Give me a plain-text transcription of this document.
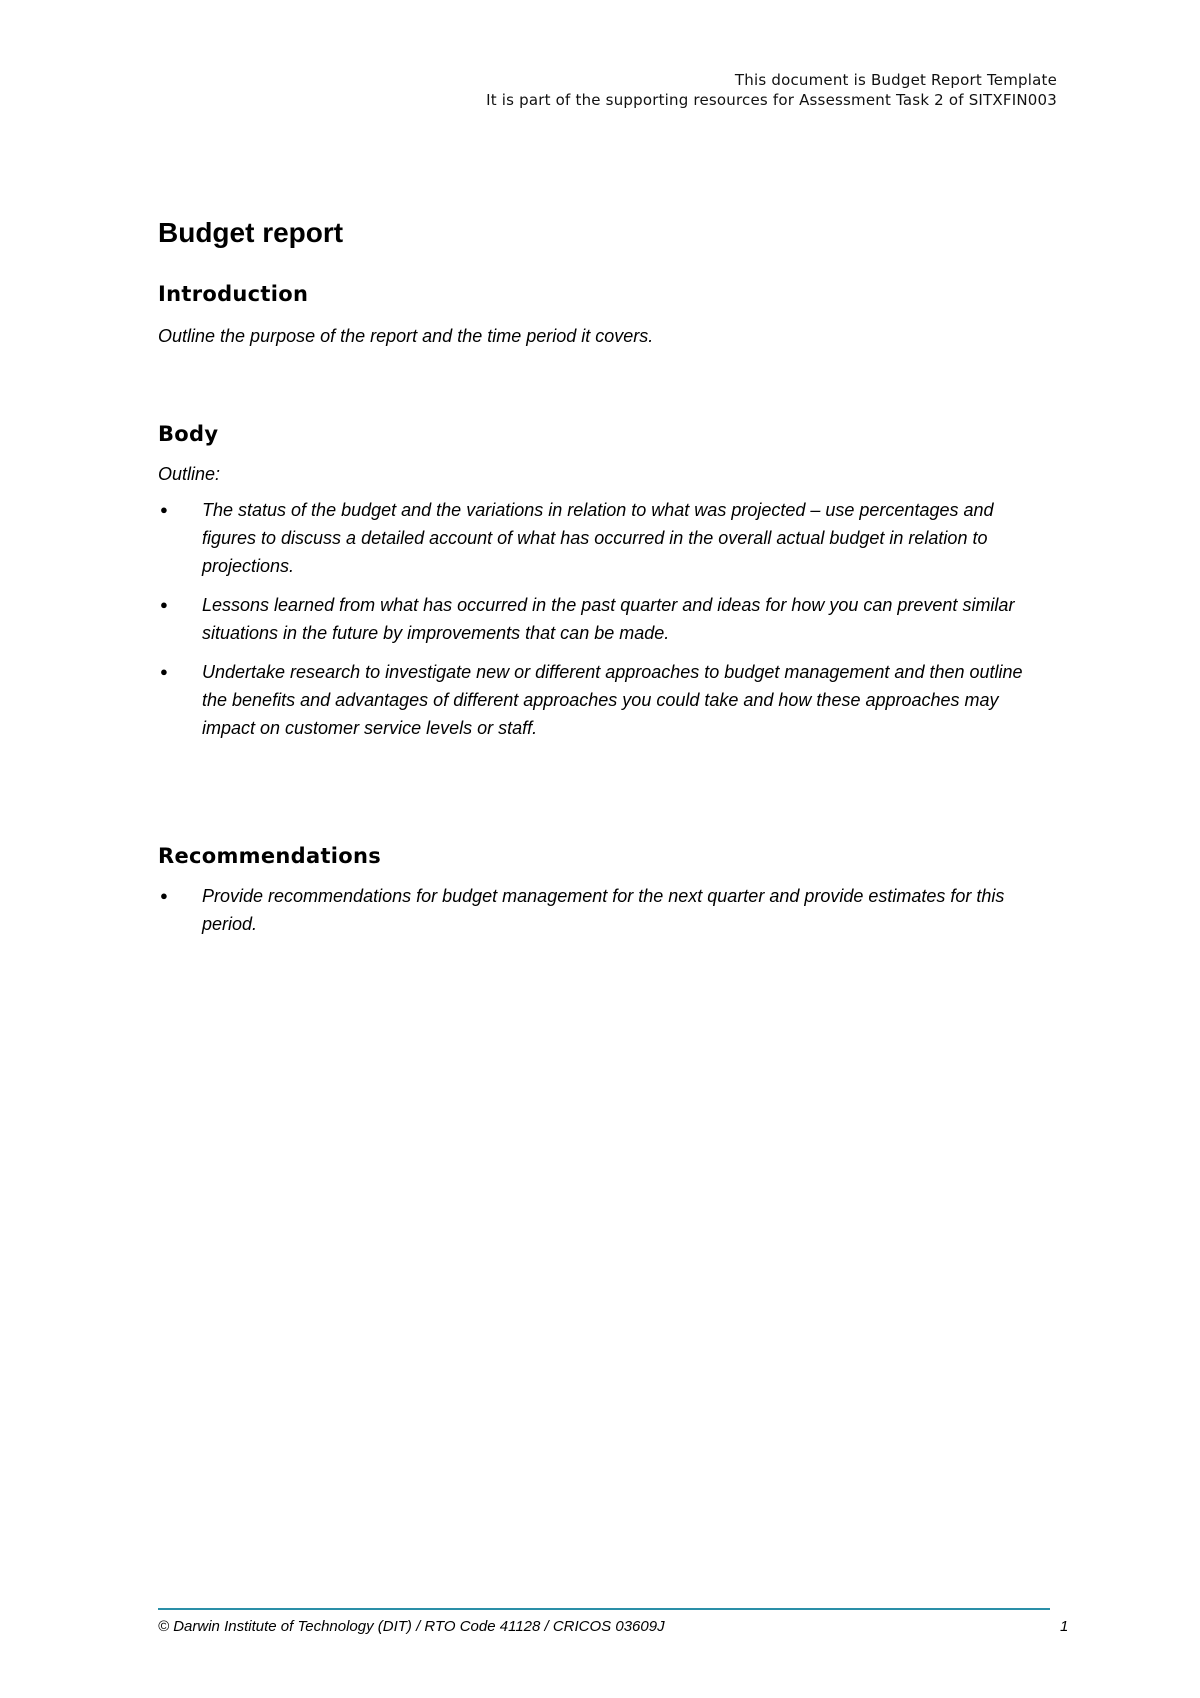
This document is Budget Report Template
It is part of the supporting resources for Assessment Task 2 of SITXFIN003
Budget report
Introduction

Outline the purpose of the report and the time period it covers.

Body

Outline:

● The status of the budget and the variations in relation to what was projected – use percentages and figures to discuss a detailed account of what has occurred in the overall actual budget in relation to projections.
● Lessons learned from what has occurred in the past quarter and ideas for how you can prevent similar situations in the future by improvements that can be made.
● Undertake research to investigate new or different approaches to budget management and then outline the benefits and advantages of different approaches you could take and how these approaches may impact on customer service levels or staff.
Recommendations
● Provide recommendations for budget management for the next quarter and provide estimates for this period.
© Darwin Institute of Technology (DIT) / RTO Code 41128 / CRICOS 03609J	1
